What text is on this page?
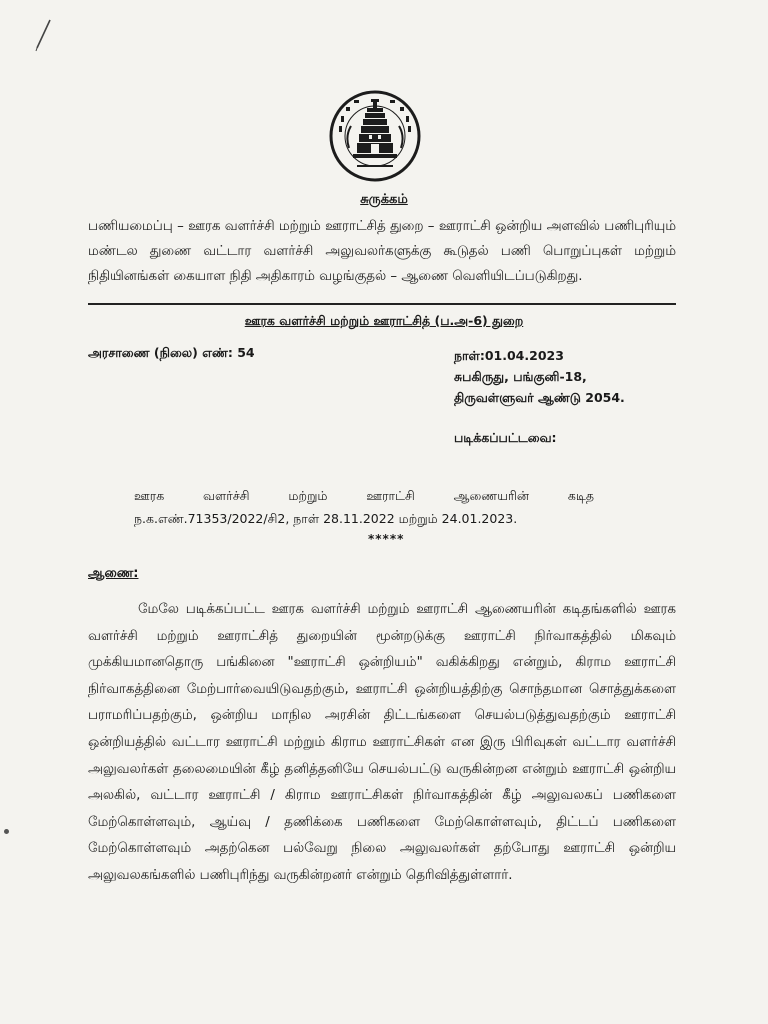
சுருக்கம்
பணியமைப்பு – ஊரக வளர்ச்சி மற்றும் ஊராட்சித் துறை – ஊராட்சி ஒன்றிய அளவில் பணிபுரியும் மண்டல துணை வட்டார வளர்ச்சி அலுவலர்களுக்கு கூடுதல் பணி பொறுப்புகள் மற்றும் நிதியினங்கள் கையாள நிதி அதிகாரம் வழங்குதல் – ஆணை வெளியிடப்படுகிறது.
ஊரக வளர்ச்சி மற்றும் ஊராட்சித் (ப.அ-6) துறை
அரசாணை (நிலை) எண்: 54	நாள்:01.04.2023
சுபகிருது, பங்குனி-18,
திருவள்ளுவர் ஆண்டு 2054.
படிக்கப்பட்டவை:
ஊரக வளர்ச்சி மற்றும் ஊராட்சி ஆணையரின் கடித
ந.க.எண்.71353/2022/சி2, நாள் 28.11.2022 மற்றும் 24.01.2023.
*****
ஆணை:
மேலே படிக்கப்பட்ட ஊரக வளர்ச்சி மற்றும் ஊராட்சி ஆணையரின் கடிதங்களில் ஊரக வளர்ச்சி மற்றும் ஊராட்சித் துறையின் மூன்றடுக்கு ஊராட்சி நிர்வாகத்தில் மிகவும் முக்கியமானதொரு பங்கினை "ஊராட்சி ஒன்றியம்" வகிக்கிறது என்றும், கிராம ஊராட்சி நிர்வாகத்தினை மேற்பார்வையிடுவதற்கும், ஊராட்சி ஒன்றியத்திற்கு சொந்தமான சொத்துக்களை பராமரிப்பதற்கும், ஒன்றிய மாநில அரசின் திட்டங்களை செயல்படுத்துவதற்கும் ஊராட்சி ஒன்றியத்தில் வட்டார ஊராட்சி மற்றும் கிராம ஊராட்சிகள் என இரு பிரிவுகள் வட்டார வளர்ச்சி அலுவலர்கள் தலைமையின் கீழ் தனித்தனியே செயல்பட்டு வருகின்றன என்றும் ஊராட்சி ஒன்றிய அலகில், வட்டார ஊராட்சி / கிராம ஊராட்சிகள் நிர்வாகத்தின் கீழ் அலுவலகப் பணிகளை மேற்கொள்ளவும், ஆய்வு / தணிக்கை பணிகளை மேற்கொள்ளவும், திட்டப் பணிகளை மேற்கொள்ளவும் அதற்கென பல்வேறு நிலை அலுவலர்கள் தற்போது ஊராட்சி ஒன்றிய அலுவலகங்களில் பணிபுரிந்து வருகின்றனர் என்றும் தெரிவித்துள்ளார்.
